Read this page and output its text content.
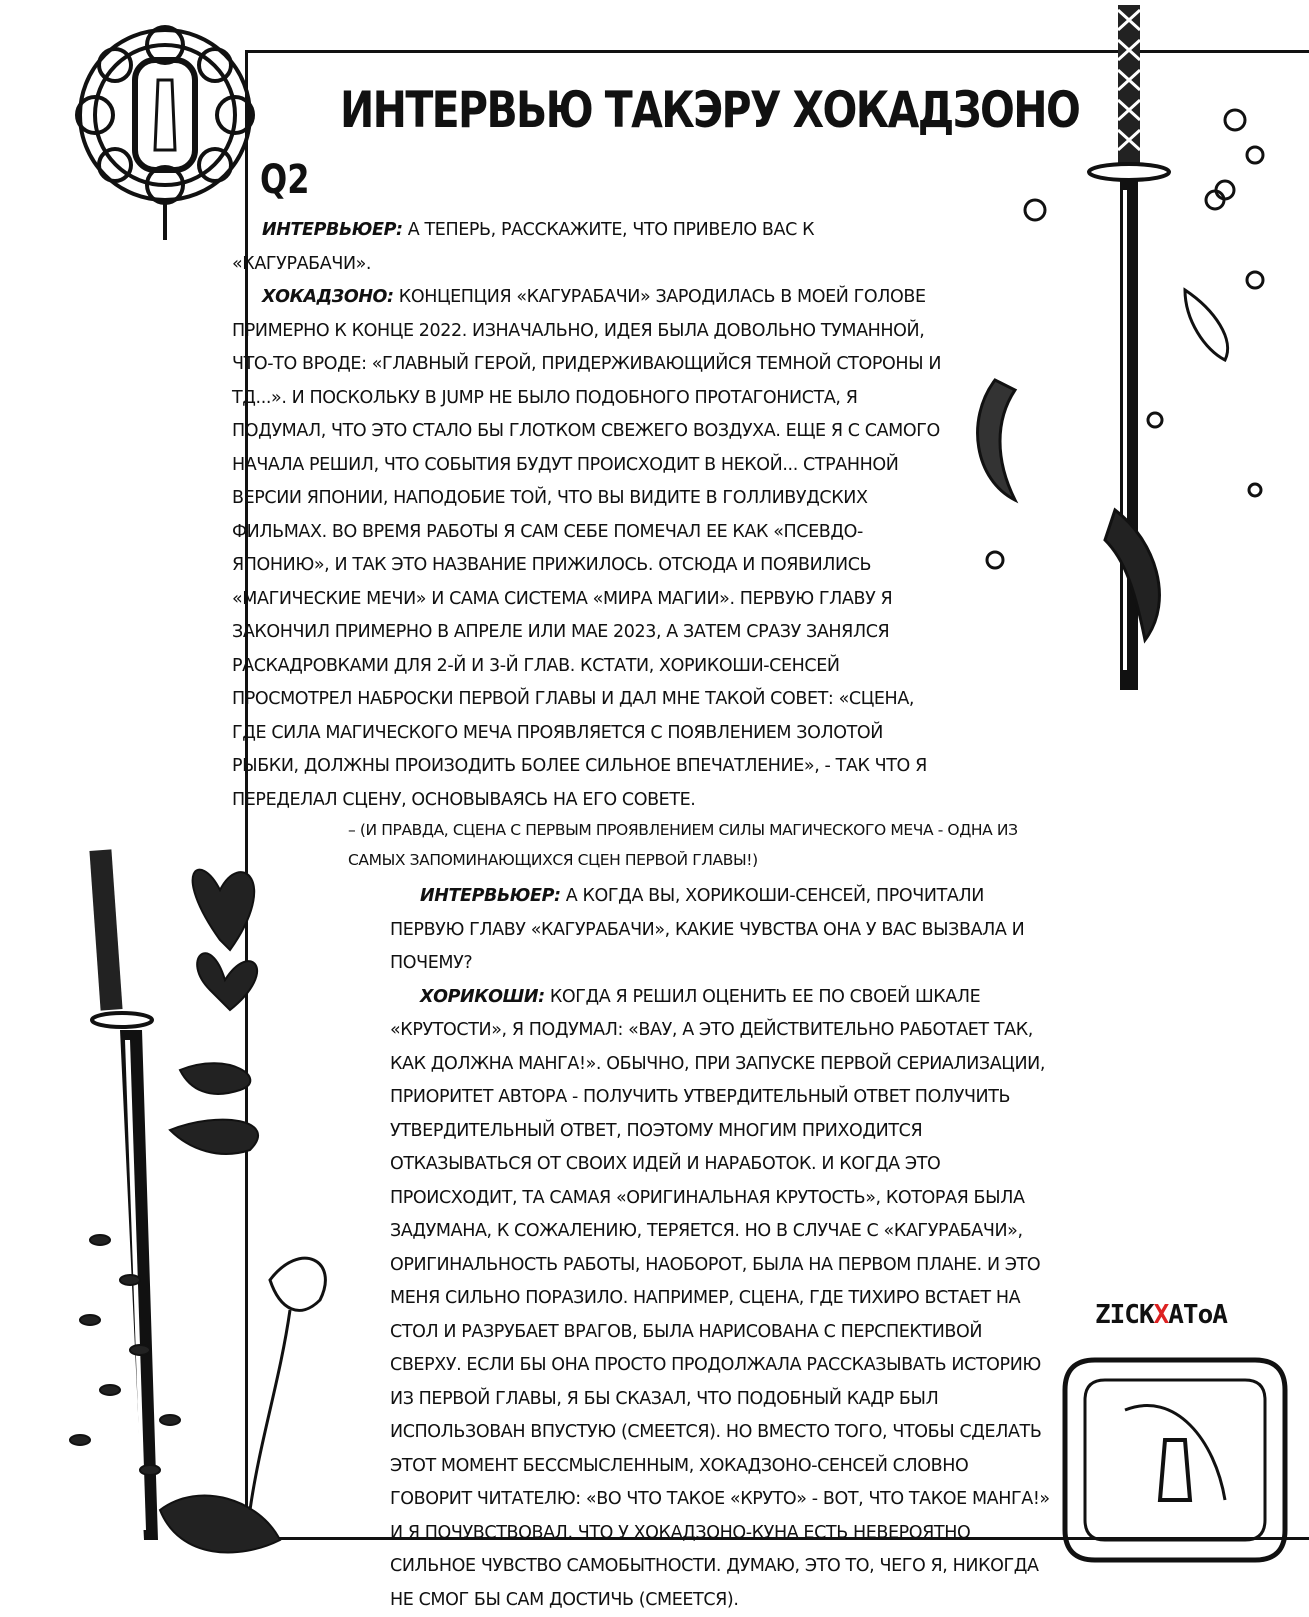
ИНТЕРВЬЮ ТАКЭРУ ХОКАДЗОНО
Q2

ИНТЕРВЬЮЕР: А ТЕПЕРЬ, РАССКАЖИТЕ, ЧТО ПРИВЕЛО ВАС К «КАГУРАБАЧИ».

ХОКАДЗОНО: КОНЦЕПЦИЯ «КАГУРАБАЧИ» ЗАРОДИЛАСЬ В МОЕЙ ГОЛОВЕ ПРИМЕРНО К КОНЦЕ 2022. ИЗНАЧАЛЬНО, ИДЕЯ БЫЛА ДОВОЛЬНО ТУМАННОЙ, ЧТО-ТО ВРОДЕ: «ГЛАВНЫЙ ГЕРОЙ, ПРИДЕРЖИВАЮЩИЙСЯ ТЕМНОЙ СТОРОНЫ И ТД...». И ПОСКОЛЬКУ В JUMP НЕ БЫЛО ПОДОБНОГО ПРОТАГОНИСТА, Я ПОДУМАЛ, ЧТО ЭТО СТАЛО БЫ ГЛОТКОМ СВЕЖЕГО ВОЗДУХА. ЕЩЕ Я С САМОГО НАЧАЛА РЕШИЛ, ЧТО СОБЫТИЯ БУДУТ ПРОИСХОДИТ В НЕКОЙ... СТРАННОЙ ВЕРСИИ ЯПОНИИ, НАПОДОБИЕ ТОЙ, ЧТО ВЫ ВИДИТЕ В ГОЛЛИВУДСКИХ ФИЛЬМАХ. ВО ВРЕМЯ РАБОТЫ Я САМ СЕБЕ ПОМЕЧАЛ ЕЕ КАК «ПСЕВДО-ЯПОНИЮ», И ТАК ЭТО НАЗВАНИЕ ПРИЖИЛОСЬ. ОТСЮДА И ПОЯВИЛИСЬ «МАГИЧЕСКИЕ МЕЧИ» И САМА СИСТЕМА «МИРА МАГИИ». ПЕРВУЮ ГЛАВУ Я ЗАКОНЧИЛ ПРИМЕРНО В АПРЕЛЕ ИЛИ МАЕ 2023, А ЗАТЕМ СРАЗУ ЗАНЯЛСЯ РАСКАДРОВКАМИ ДЛЯ 2-Й И 3-Й ГЛАВ. КСТАТИ, ХОРИКОШИ-СЕНСЕЙ ПРОСМОТРЕЛ НАБРОСКИ ПЕРВОЙ ГЛАВЫ И ДАЛ МНЕ ТАКОЙ СОВЕТ: «СЦЕНА, ГДЕ СИЛА МАГИЧЕСКОГО МЕЧА ПРОЯВЛЯЕТСЯ С ПОЯВЛЕНИЕМ ЗОЛОТОЙ РЫБКИ, ДОЛЖНЫ ПРОИЗОДИТЬ БОЛЕЕ СИЛЬНОЕ ВПЕЧАТЛЕНИЕ», - ТАК ЧТО Я ПЕРЕДЕЛАЛ СЦЕНУ, ОСНОВЫВАЯСЬ НА ЕГО СОВЕТЕ.

– (И ПРАВДА, СЦЕНА С ПЕРВЫМ ПРОЯВЛЕНИЕМ СИЛЫ МАГИЧЕСКОГО МЕЧА - ОДНА ИЗ САМЫХ ЗАПОМИНАЮЩИХСЯ СЦЕН ПЕРВОЙ ГЛАВЫ!)

ИНТЕРВЬЮЕР: А КОГДА ВЫ, ХОРИКОШИ-СЕНСЕЙ, ПРОЧИТАЛИ ПЕРВУЮ ГЛАВУ «КАГУРАБАЧИ», КАКИЕ ЧУВСТВА ОНА У ВАС ВЫЗВАЛА И ПОЧЕМУ?

ХОРИКОШИ: КОГДА Я РЕШИЛ ОЦЕНИТЬ ЕЕ ПО СВОЕЙ ШКАЛЕ «КРУТОСТИ», Я ПОДУМАЛ: «ВАУ, А ЭТО ДЕЙСТВИТЕЛЬНО РАБОТАЕТ ТАК, КАК ДОЛЖНА МАНГА!». ОБЫЧНО, ПРИ ЗАПУСКЕ ПЕРВОЙ СЕРИАЛИЗАЦИИ, ПРИОРИТЕТ АВТОРА - ПОЛУЧИТЬ УТВЕРДИТЕЛЬНЫЙ ОТВЕТ ПОЛУЧИТЬ УТВЕРДИТЕЛЬНЫЙ ОТВЕТ, ПОЭТОМУ МНОГИМ ПРИХОДИТСЯ ОТКАЗЫВАТЬСЯ ОТ СВОИХ ИДЕЙ И НАРАБОТОК. И КОГДА ЭТО ПРОИСХОДИТ, ТА САМАЯ «ОРИГИНАЛЬНАЯ КРУТОСТЬ», КОТОРАЯ БЫЛА ЗАДУМАНА, К СОЖАЛЕНИЮ, ТЕРЯЕТСЯ. НО В СЛУЧАЕ С «КАГУРАБАЧИ», ОРИГИНАЛЬНОСТЬ РАБОТЫ, НАОБОРОТ, БЫЛА НА ПЕРВОМ ПЛАНЕ. И ЭТО МЕНЯ СИЛЬНО ПОРАЗИЛО. НАПРИМЕР, СЦЕНА, ГДЕ ТИХИРО ВСТАЕТ НА СТОЛ И РАЗРУБАЕТ ВРАГОВ, БЫЛА НАРИСОВАНА С ПЕРСПЕКТИВОЙ СВЕРХУ. ЕСЛИ БЫ ОНА ПРОСТО ПРОДОЛЖАЛА РАССКАЗЫВАТЬ ИСТОРИЮ ИЗ ПЕРВОЙ ГЛАВЫ, Я БЫ СКАЗАЛ, ЧТО ПОДОБНЫЙ КАДР БЫЛ ИСПОЛЬЗОВАН ВПУСТУЮ (СМЕЕТСЯ). НО ВМЕСТО ТОГО, ЧТОБЫ СДЕЛАТЬ ЭТОТ МОМЕНТ БЕССМЫСЛЕННЫМ, ХОКАДЗОНО-СЕНСЕЙ СЛОВНО ГОВОРИТ ЧИТАТЕЛЮ: «ВО ЧТО ТАКОЕ «КРУТО» - ВОТ, ЧТО ТАКОЕ МАНГА!» И Я ПОЧУВСТВОВАЛ, ЧТО У ХОКАДЗОНО-КУНА ЕСТЬ НЕВЕРОЯТНО СИЛЬНОЕ ЧУВСТВО САМОБЫТНОСТИ. ДУМАЮ, ЭТО ТО, ЧЕГО Я, НИКОГДА НЕ СМОГ БЫ САМ ДОСТИЧЬ (СМЕЕТСЯ).

ZICKXAToA
